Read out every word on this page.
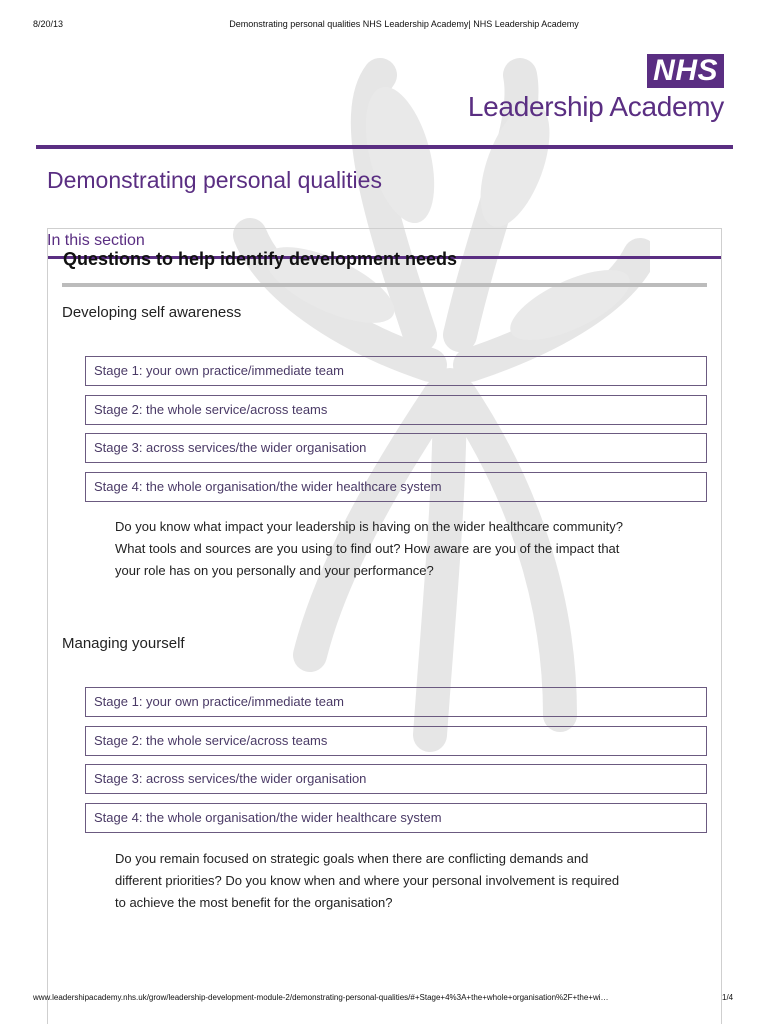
8/20/13	Demonstrating personal qualities NHS Leadership Academy| NHS Leadership Academy
NHS
Leadership Academy
Demonstrating personal qualities
In this section
Questions to help identify development needs
Developing self awareness
Stage 1: your own practice/immediate team
Stage 2: the whole service/across teams
Stage 3: across services/the wider organisation
Stage 4: the whole organisation/the wider healthcare system
Do you know what impact your leadership is having on the wider healthcare community?
What tools and sources are you using to find out? How aware are you of the impact that
your role has on you personally and your performance?
Managing yourself
Stage 1: your own practice/immediate team
Stage 2: the whole service/across teams
Stage 3: across services/the wider organisation
Stage 4: the whole organisation/the wider healthcare system
Do you remain focused on strategic goals when there are conflicting demands and
different priorities? Do you know when and where your personal involvement is required
to achieve the most benefit for the organisation?
www.leadershipacademy.nhs.uk/grow/leadership-development-module-2/demonstrating-personal-qualities/#+Stage+4%3A+the+whole+organisation%2F+the+wi…	1/4
